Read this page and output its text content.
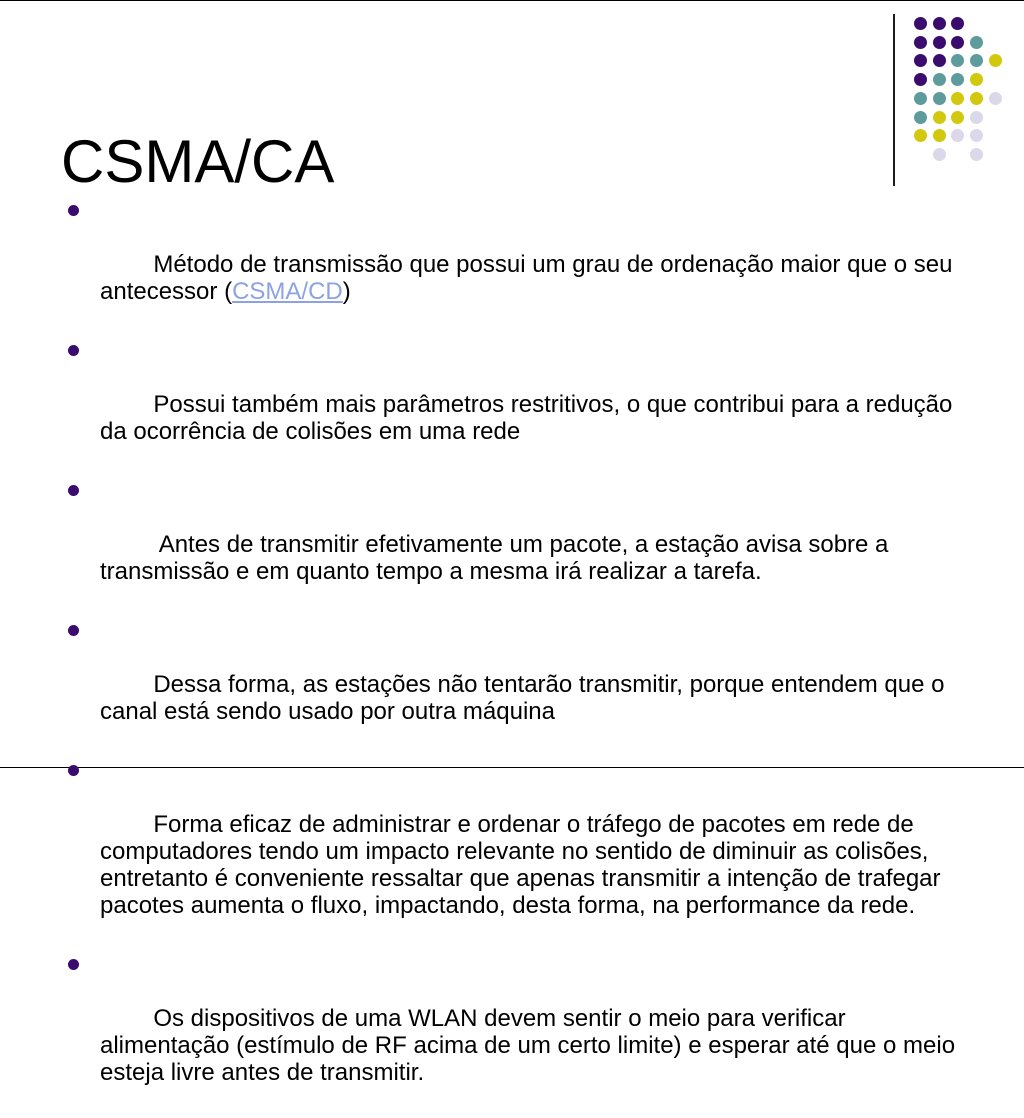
CSMA/CA

Método de transmissão que possui um grau de ordenação maior que o seu antecessor (CSMA/CD)

Possui também mais parâmetros restritivos, o que contribui para a redução da ocorrência de colisões em uma rede

Antes de transmitir efetivamente um pacote, a estação avisa sobre a transmissão e em quanto tempo a mesma irá realizar a tarefa.

Dessa forma, as estações não tentarão transmitir, porque entendem que o canal está sendo usado por outra máquina

Forma eficaz de administrar e ordenar o tráfego de pacotes em rede de computadores tendo um impacto relevante no sentido de diminuir as colisões, entretanto é conveniente ressaltar que apenas transmitir a intenção de trafegar pacotes aumenta o fluxo, impactando, desta forma, na performance da rede.

Os dispositivos de uma WLAN devem sentir o meio para verificar alimentação (estímulo de RF acima de um certo limite) e esperar até que o meio esteja livre antes de transmitir.
